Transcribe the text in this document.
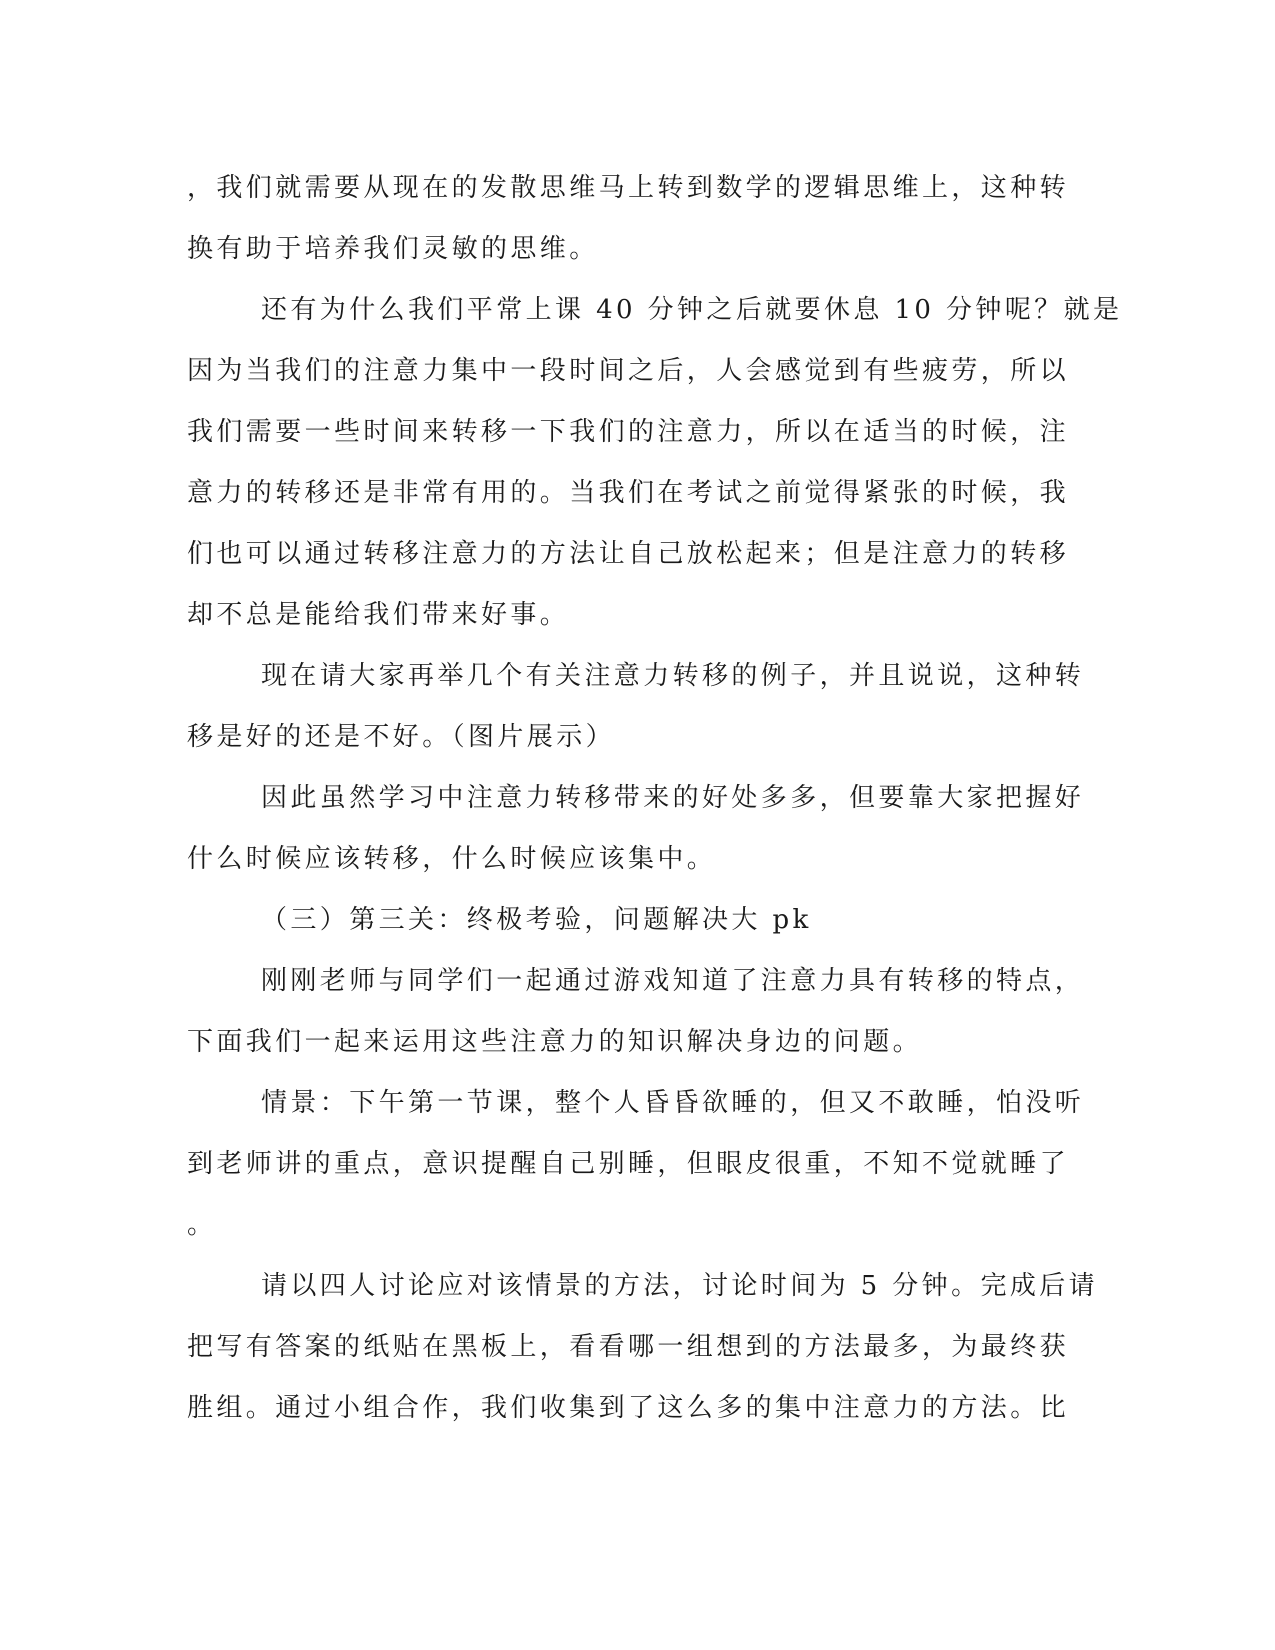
，我们就需要从现在的发散思维马上转到数学的逻辑思维上，这种转
换有助于培养我们灵敏的思维。
还有为什么我们平常上课 40 分钟之后就要休息 10 分钟呢？就是
因为当我们的注意力集中一段时间之后，人会感觉到有些疲劳，所以
我们需要一些时间来转移一下我们的注意力，所以在适当的时候，注
意力的转移还是非常有用的。当我们在考试之前觉得紧张的时候，我
们也可以通过转移注意力的方法让自己放松起来；但是注意力的转移
却不总是能给我们带来好事。
现在请大家再举几个有关注意力转移的例子，并且说说，这种转
移是好的还是不好。（图片展示）
因此虽然学习中注意力转移带来的好处多多，但要靠大家把握好
什么时候应该转移，什么时候应该集中。
（三）第三关：终极考验，问题解决大 pk
刚刚老师与同学们一起通过游戏知道了注意力具有转移的特点，
下面我们一起来运用这些注意力的知识解决身边的问题。
情景：下午第一节课，整个人昏昏欲睡的，但又不敢睡，怕没听
到老师讲的重点，意识提醒自己别睡，但眼皮很重，不知不觉就睡了
。
请以四人讨论应对该情景的方法，讨论时间为 5 分钟。完成后请
把写有答案的纸贴在黑板上，看看哪一组想到的方法最多，为最终获
胜组。通过小组合作，我们收集到了这么多的集中注意力的方法。比
